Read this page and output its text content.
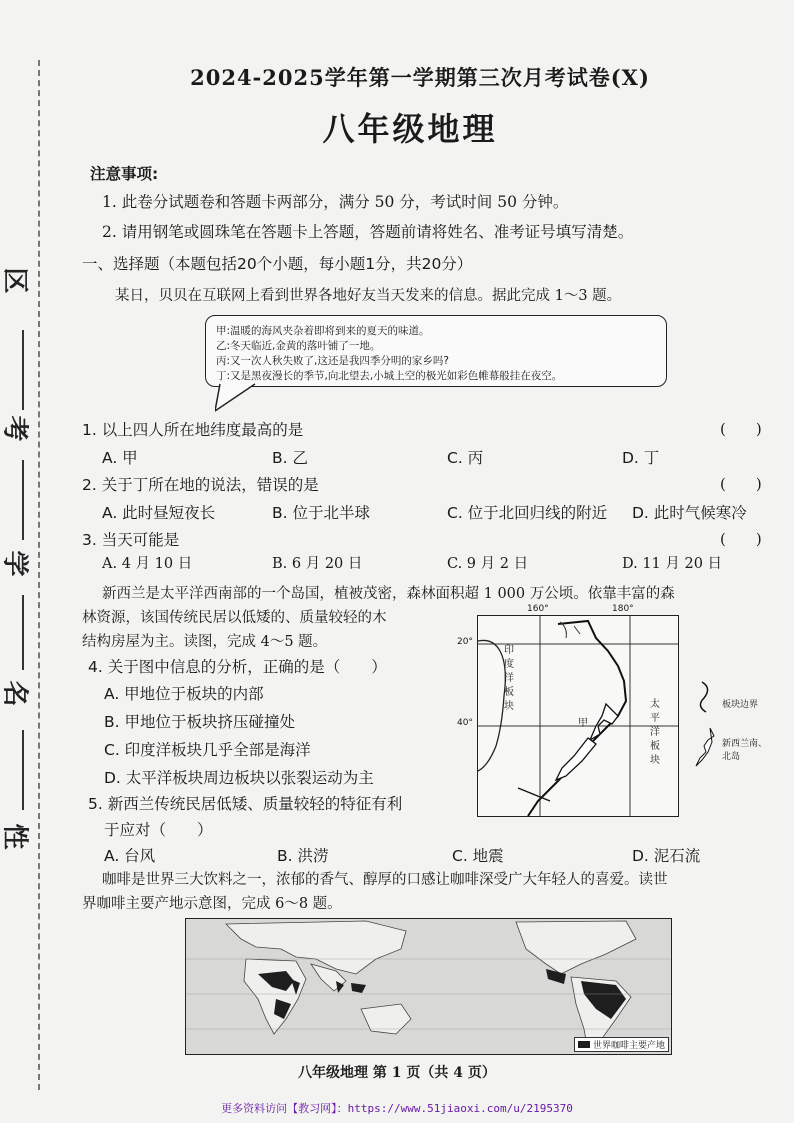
区
考
学
名
性
2024-2025学年第一学期第三次月考试卷(X)
八年级地理
注意事项:
1. 此卷分试题卷和答题卡两部分，满分 50 分，考试时间 50 分钟。
2. 请用钢笔或圆珠笔在答题卡上答题，答题前请将姓名、准考证号填写清楚。
一、选择题（本题包括20个小题，每小题1分，共20分）
某日，贝贝在互联网上看到世界各地好友当天发来的信息。据此完成 1～3 题。
甲:温暖的海风夹杂着即将到来的夏天的味道。
乙:冬天临近,金黄的落叶铺了一地。
丙:又一次人秋失败了,这还是我四季分明的家乡吗?
丁:又是黑夜漫长的季节,向北望去,小城上空的极光如彩色帷幕般挂在夜空。
1. 以上四人所在地纬度最高的是	(　　)
A. 甲	B. 乙	C. 丙	D. 丁
2. 关于丁所在地的说法，错误的是	(　　)
A. 此时昼短夜长	B. 位于北半球	C. 位于北回归线的附近 D. 此时气候寒冷
3. 当天可能是	(　　)
A. 4 月 10 日	B. 6 月 20 日	C. 9 月 2 日	D. 11 月 20 日
新西兰是太平洋西南部的一个岛国，植被茂密，森林面积超 1 000 万公顷。依靠丰富的森
林资源，该国传统民居以低矮的、质量较轻的木
结构房屋为主。读图，完成 4～5 题。
4. 关于图中信息的分析，正确的是（　　）
A. 甲地位于板块的内部
B. 甲地位于板块挤压碰撞处
C. 印度洋板块几乎全部是海洋
D. 太平洋板块周边板块以张裂运动为主
5. 新西兰传统民居低矮、质量较轻的特征有利
于应对（　　）
A. 台风	B. 洪涝	C. 地震	D. 泥石流
160°	180°
20°
40°
印度洋板块	太平洋板块
甲
板块边界
新西兰南、北岛
咖啡是世界三大饮料之一，浓郁的香气、醇厚的口感让咖啡深受广大年轻人的喜爱。读世
界咖啡主要产地示意图，完成 6～8 题。
世界咖啡主要产地
八年级地理 第 1 页（共 4 页）
更多资料访问【教习网】：https://www.51jiaoxi.com/u/2195370
